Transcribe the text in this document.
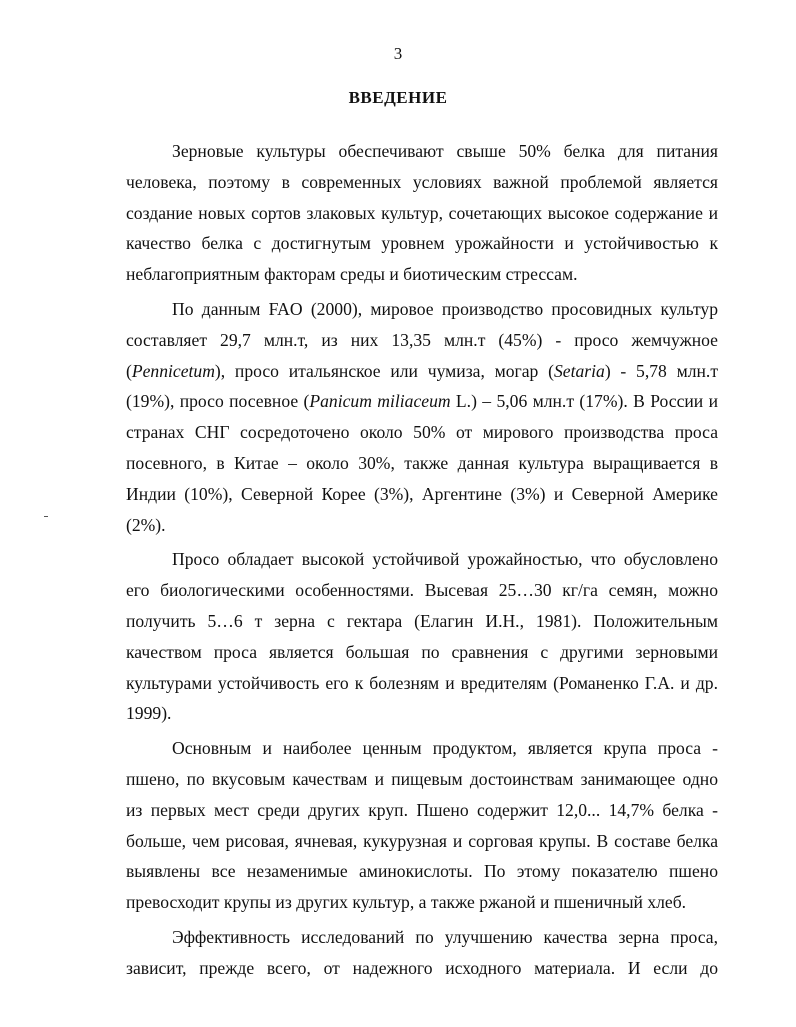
3
ВВЕДЕНИЕ
Зерновые культуры обеспечивают свыше 50% белка для питания
человека, поэтому в современных условиях важной проблемой является
создание новых сортов злаковых культур, сочетающих высокое содержание и
качество белка с достигнутым уровнем урожайности и устойчивостью к
неблагоприятным факторам среды и биотическим стрессам.
По данным FAO (2000), мировое производство просовидных культур
составляет 29,7 млн.т, из них 13,35 млн.т (45%) - просо жемчужное
(Pennicetum), просо итальянское или чумиза, могар (Setaria) - 5,78 млн.т
(19%), просо посевное (Panicum miliaceum L.) – 5,06 млн.т (17%). В России и
странах СНГ сосредоточено около 50% от мирового производства проса
посевного, в Китае – около 30%, также данная культура выращивается в
Индии (10%), Северной Корее (3%), Аргентине (3%) и Северной Америке
(2%).
Просо обладает высокой устойчивой урожайностью, что обусловлено
его биологическими особенностями. Высевая 25…30 кг/га семян, можно
получить 5…6 т зерна с гектара (Елагин И.Н., 1981). Положительным
качеством проса является большая по сравнения с другими зерновыми
культурами устойчивость его к болезням и вредителям (Романенко Г.А. и др.
1999).
Основным и наиболее ценным продуктом, является крупа проса -
пшено, по вкусовым качествам и пищевым достоинствам занимающее одно
из первых мест среди других круп. Пшено содержит 12,0... 14,7% белка -
больше, чем рисовая, ячневая, кукурузная и сорговая крупы. В составе белка
выявлены все незаменимые аминокислоты. По этому показателю пшено
превосходит крупы из других культур, а также ржаной и пшеничный хлеб.
Эффективность исследований по улучшению качества зерна проса,
зависит, прежде всего, от надежного исходного материала. И если до
